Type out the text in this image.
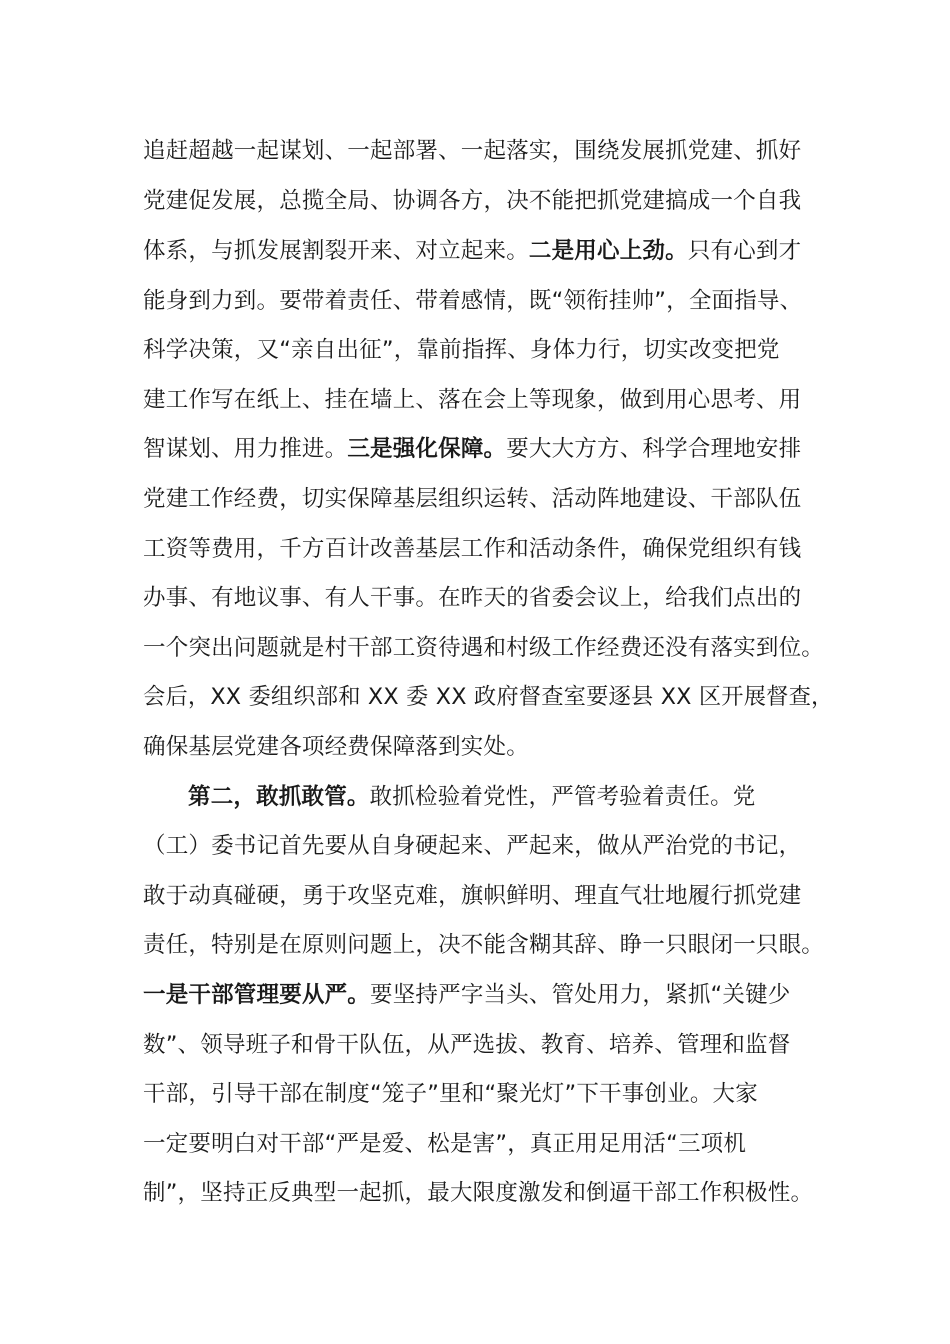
追赶超越一起谋划、一起部署、一起落实，围绕发展抓党建、抓好
党建促发展，总揽全局、协调各方，决不能把抓党建搞成一个自我
体系，与抓发展割裂开来、对立起来。二是用心上劲。只有心到才
能身到力到。要带着责任、带着感情，既“领衔挂帅”，全面指导、
科学决策，又“亲自出征”，靠前指挥、身体力行，切实改变把党
建工作写在纸上、挂在墙上、落在会上等现象，做到用心思考、用
智谋划、用力推进。三是强化保障。要大大方方、科学合理地安排
党建工作经费，切实保障基层组织运转、活动阵地建设、干部队伍
工资等费用，千方百计改善基层工作和活动条件，确保党组织有钱
办事、有地议事、有人干事。在昨天的省委会议上，给我们点出的
一个突出问题就是村干部工资待遇和村级工作经费还没有落实到位。
会后，XX 委组织部和 XX 委 XX 政府督查室要逐县 XX 区开展督查，
确保基层党建各项经费保障落到实处。
第二，敢抓敢管。敢抓检验着党性，严管考验着责任。党
（工）委书记首先要从自身硬起来、严起来，做从严治党的书记，
敢于动真碰硬，勇于攻坚克难，旗帜鲜明、理直气壮地履行抓党建
责任，特别是在原则问题上，决不能含糊其辞、睁一只眼闭一只眼。
一是干部管理要从严。要坚持严字当头、管处用力，紧抓“关键少
数”、领导班子和骨干队伍，从严选拔、教育、培养、管理和监督
干部，引导干部在制度“笼子”里和“聚光灯”下干事创业。大家
一定要明白对干部“严是爱、松是害”，真正用足用活“三项机
制”，坚持正反典型一起抓，最大限度激发和倒逼干部工作积极性。
